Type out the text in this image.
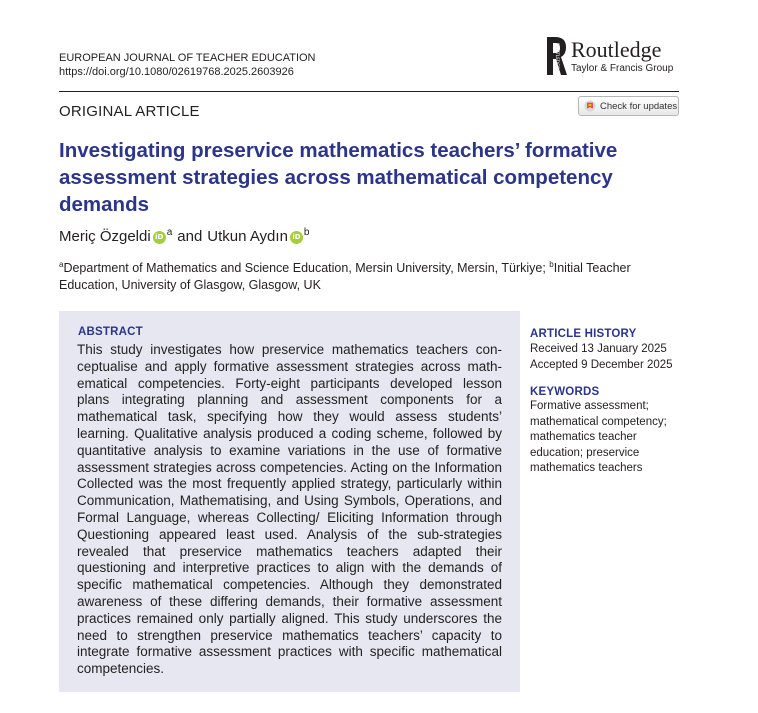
EUROPEAN JOURNAL OF TEACHER EDUCATION
https://doi.org/10.1080/02619768.2025.2603926
ROUTLEDGE Routledge
Taylor & Francis Group
ORIGINAL ARTICLE	Check for updates
Investigating preservice mathematics teachers’ formative assessment strategies across mathematical competency demands
Meriç Özgeldi iD a and Utkun Aydın iD b
$^a$Department of Mathematics and Science Education, Mersin University, Mersin, Türkiye; $^b$Initial Teacher Education, University of Glasgow, Glasgow, UK
ABSTRACT
This study investigates how preservice mathematics teachers conceptualise and apply formative assessment strategies across mathematical competencies. Forty-eight participants developed lesson plans integrating planning and assessment components for a mathematical task, specifying how they would assess students’ learning. Qualitative analysis produced a coding scheme, followed by quantitative analysis to examine variations in the use of formative assessment strategies across competencies. Acting on the Information Collected was the most frequently applied strategy, particularly within Communication, Mathematising, and Using Symbols, Operations, and Formal Language, whereas Collecting/ Eliciting Information through Questioning appeared least used. Analysis of the sub-strategies revealed that preservice mathematics teachers adapted their questioning and interpretive practices to align with the demands of specific mathematical competencies. Although they demonstrated awareness of these differing demands, their formative assessment practices remained only partially aligned. This study underscores the need to strengthen preservice mathematics teachers’ capacity to integrate formative assessment practices with specific mathematical competencies.
ARTICLE HISTORY
Received 13 January 2025
Accepted 9 December 2025
KEYWORDS
Formative assessment; mathematical competency; mathematics teacher education; preservice mathematics teachers
